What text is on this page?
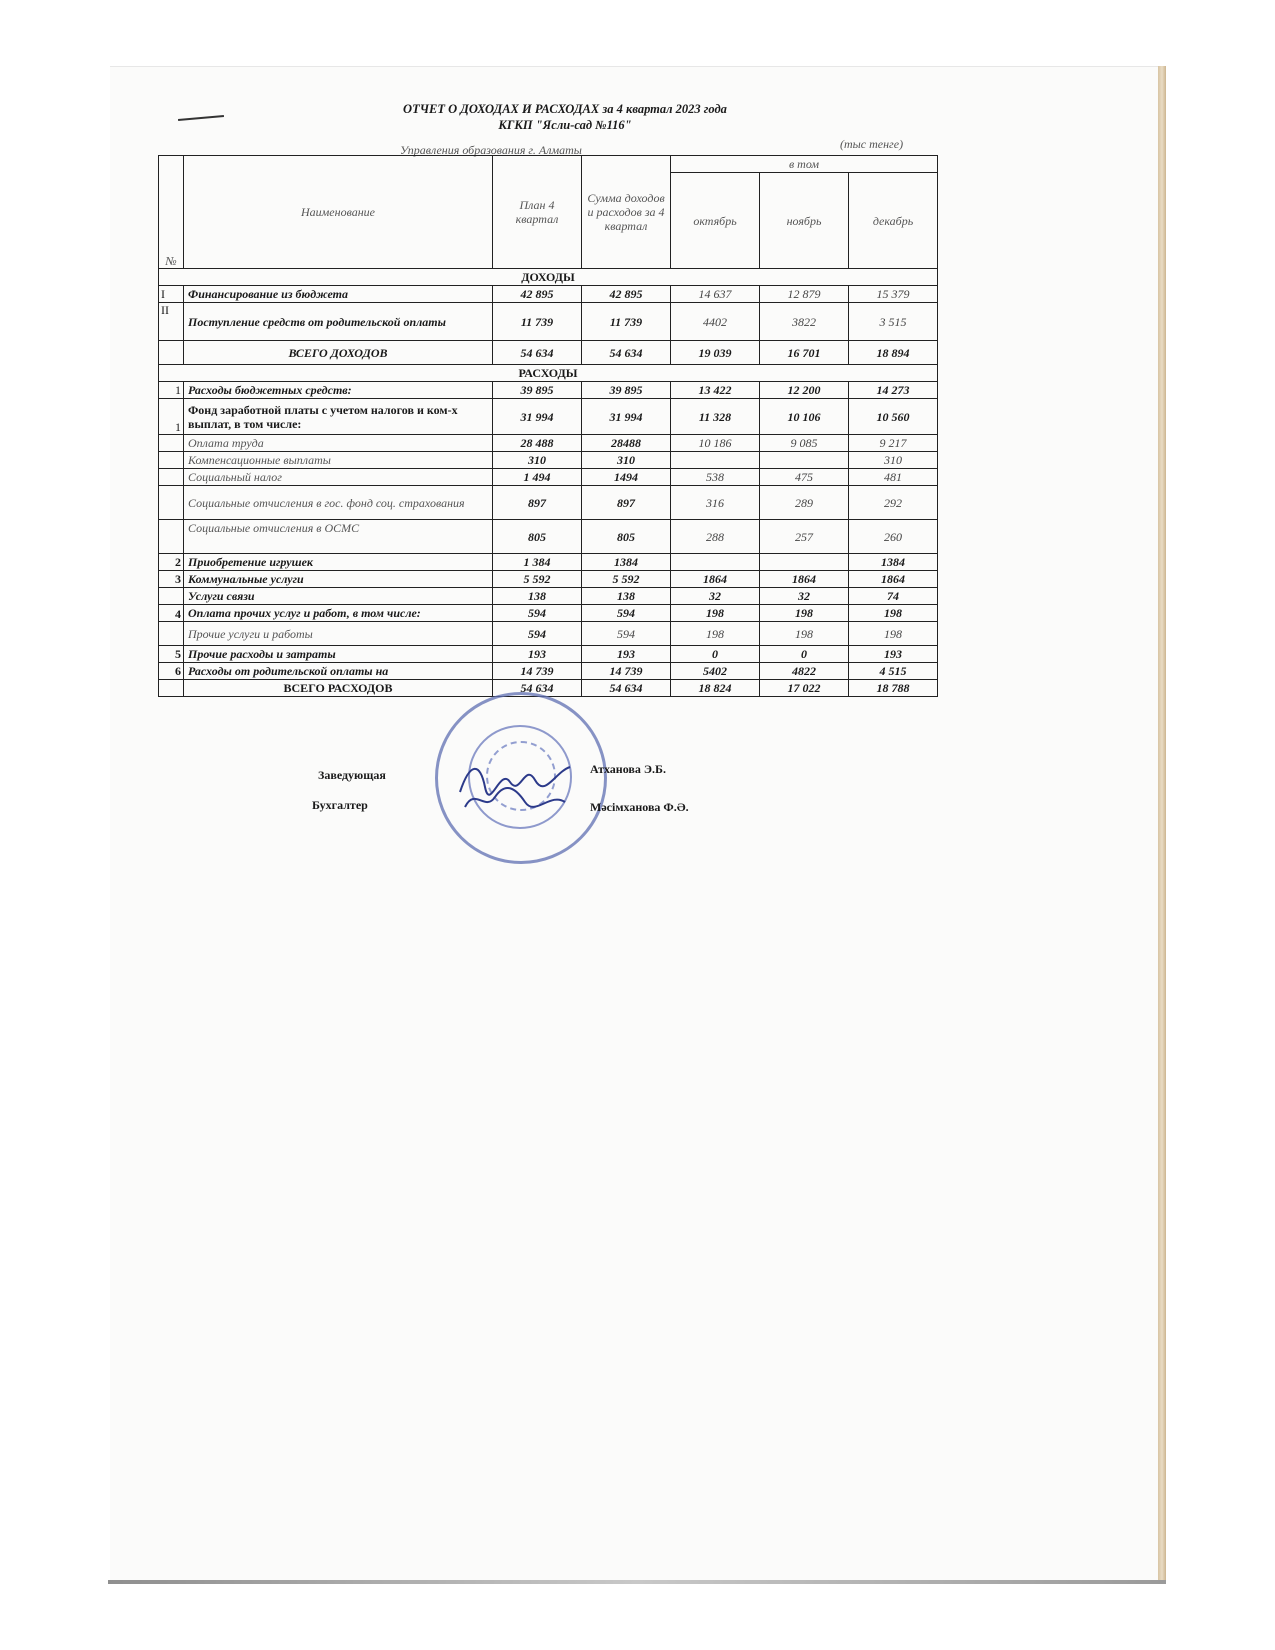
ОТЧЕТ О ДОХОДАХ И РАСХОДАХ за 4 квартал 2023 года
КГКП "Ясли-сад №116"
Управления образования г. Алматы	(тыс тенге)
№	Наименование	План 4 квартал	Сумма доходов и расходов за 4 квартал	в том		
				октябрь	ноябрь	декабрь
ДОХОДЫ						
I	Финансирование из бюджета	42 895	42 895	14 637	12 879	15 379
II	Поступление средств от родительской оплаты	11 739	11 739	4402	3822	3 515
	ВСЕГО ДОХОДОВ	54 634	54 634	19 039	16 701	18 894
РАСХОДЫ						
1	Расходы бюджетных средств:	39 895	39 895	13 422	12 200	14 273
1	Фонд заработной платы с учетом налогов и ком-х выплат, в том числе:	31 994	31 994	11 328	10 106	10 560
	Оплата труда	28 488	28488	10 186	9 085	9 217
	Компенсационные выплаты	310	310			310
	Социальный налог	1 494	1494	538	475	481
	Социальные отчисления в гос. фонд соц. страхования	897	897	316	289	292
	Социальные отчисления в ОСМС	805	805	288	257	260
2	Приобретение игрушек	1 384	1384			1384
3	Коммунальные услуги	5 592	5 592	1864	1864	1864
	Услуги связи	138	138	32	32	74
4	Оплата прочих услуг и работ, в том числе:	594	594	198	198	198
	Прочие услуги и работы	594	594	198	198	198
5	Прочие расходы и затраты	193	193	0	0	193
6	Расходы от родительской оплаты на	14 739	14 739	5402	4822	4 515
	ВСЕГО РАСХОДОВ	54 634	54 634	18 824	17 022	18 788
Заведующая	Атханова Э.Б.
Бухгалтер	Мәсімханова Ф.Ә.
